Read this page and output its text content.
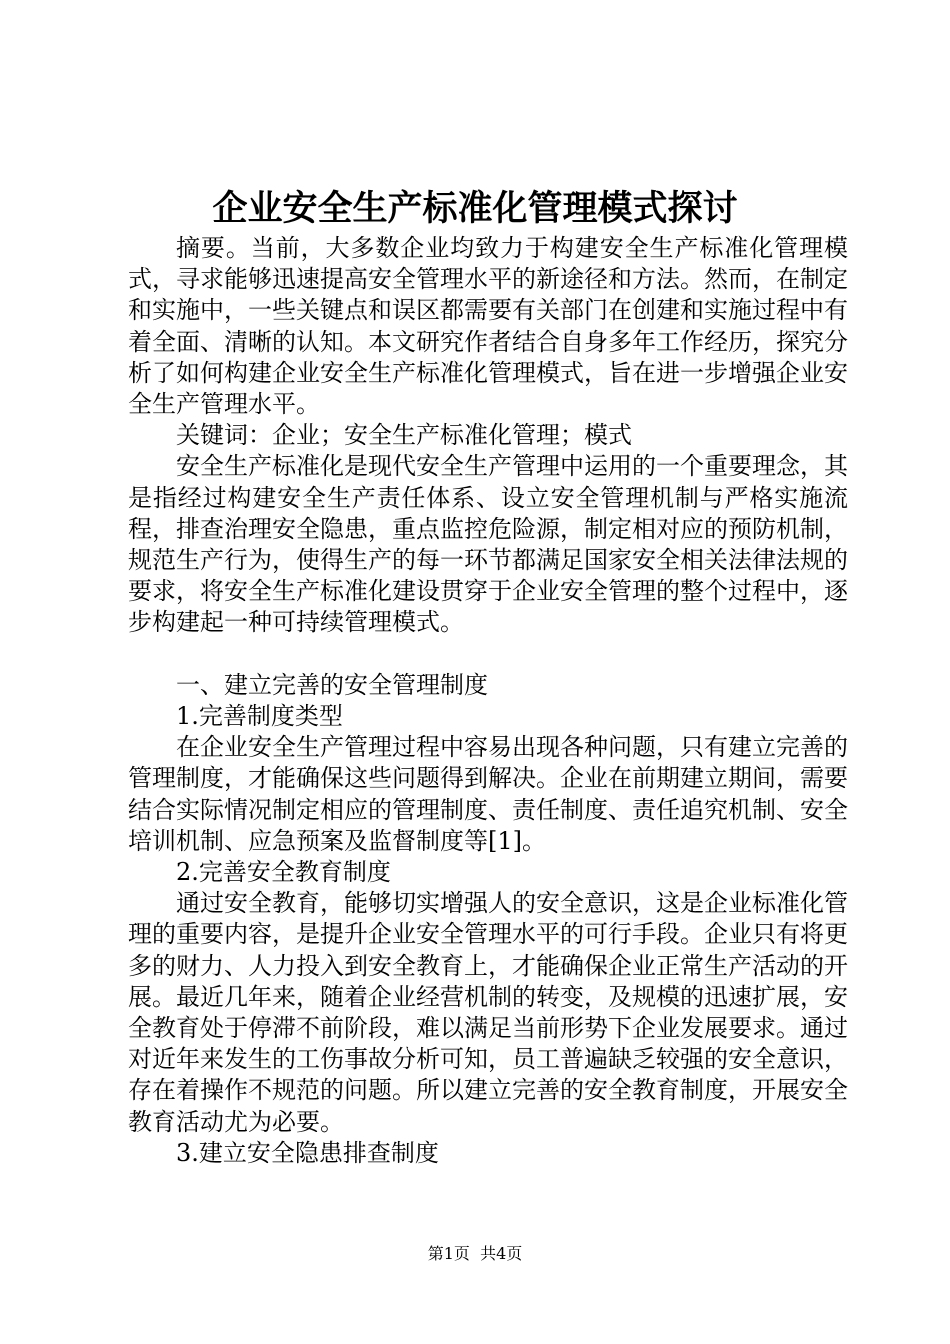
企业安全生产标准化管理模式探讨

摘要。当前，大多数企业均致力于构建安全生产标准化管理模式，寻求能够迅速提高安全管理水平的新途径和方法。然而，在制定和实施中，一些关键点和误区都需要有关部门在创建和实施过程中有着全面、清晰的认知。本文研究作者结合自身多年工作经历，探究分析了如何构建企业安全生产标准化管理模式，旨在进一步增强企业安全生产管理水平。

关键词：企业；安全生产标准化管理；模式

安全生产标准化是现代安全生产管理中运用的一个重要理念，其是指经过构建安全生产责任体系、设立安全管理机制与严格实施流程，排查治理安全隐患，重点监控危险源，制定相对应的预防机制，规范生产行为，使得生产的每一环节都满足国家安全相关法律法规的要求，将安全生产标准化建设贯穿于企业安全管理的整个过程中，逐步构建起一种可持续管理模式。

一、建立完善的安全管理制度

1.完善制度类型

在企业安全生产管理过程中容易出现各种问题，只有建立完善的管理制度，才能确保这些问题得到解决。企业在前期建立期间，需要结合实际情况制定相应的管理制度、责任制度、责任追究机制、安全培训机制、应急预案及监督制度等[1]。

2.完善安全教育制度

通过安全教育，能够切实增强人的安全意识，这是企业标准化管理的重要内容，是提升企业安全管理水平的可行手段。企业只有将更多的财力、人力投入到安全教育上，才能确保企业正常生产活动的开展。最近几年来，随着企业经营机制的转变，及规模的迅速扩展，安全教育处于停滞不前阶段，难以满足当前形势下企业发展要求。通过对近年来发生的工伤事故分析可知，员工普遍缺乏较强的安全意识，存在着操作不规范的问题。所以建立完善的安全教育制度，开展安全教育活动尤为必要。

3.建立安全隐患排查制度

第1页  共4页
